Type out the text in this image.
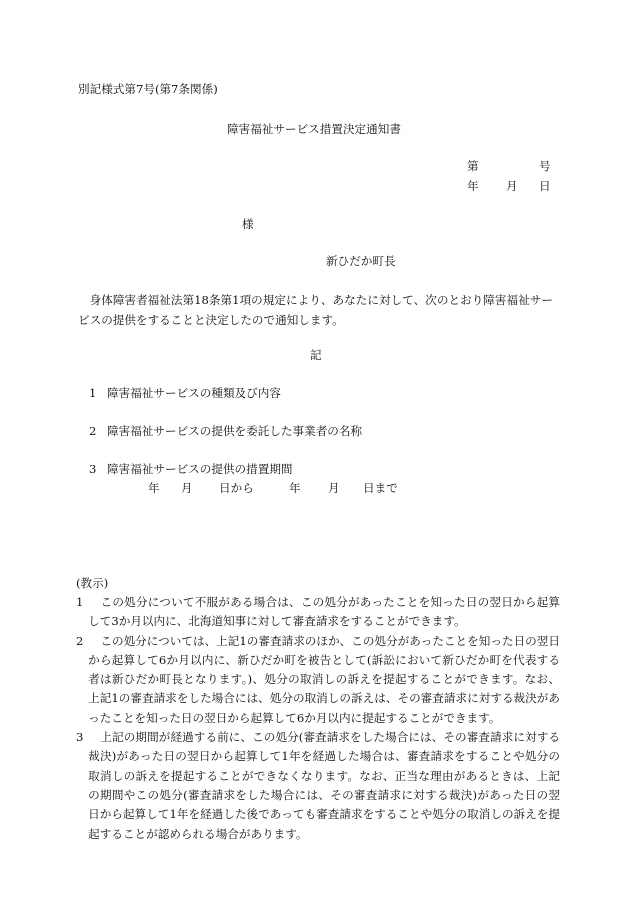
別記様式第7号(第7条関係)
障害福祉サービス措置決定通知書
第	号
年 月 日
様
新ひだか町長
身体障害者福祉法第18条第1項の規定により、あなたに対して、次のとおり障害福祉サービスの提供をすることと決定したので通知します。
記
1 障害福祉サービスの種類及び内容
2 障害福祉サービスの提供を委託した事業者の名称
3 障害福祉サービスの提供の措置期間
年 月 日から	年 月 日まで
(教示)
1 この処分について不服がある場合は、この処分があったことを知った日の翌日から起算して3か月以内に、北海道知事に対して審査請求をすることができます。
2 この処分については、上記1の審査請求のほか、この処分があったことを知った日の翌日から起算して6か月以内に、新ひだか町を被告として(訴訟において新ひだか町を代表する者は新ひだか町長となります。)、処分の取消しの訴えを提起することができます。なお、上記1の審査請求をした場合には、処分の取消しの訴えは、その審査請求に対する裁決があったことを知った日の翌日から起算して6か月以内に提起することができます。
3 上記の期間が経過する前に、この処分(審査請求をした場合には、その審査請求に対する裁決)があった日の翌日から起算して1年を経過した場合は、審査請求をすることや処分の取消しの訴えを提起することができなくなります。なお、正当な理由があるときは、上記の期間やこの処分(審査請求をした場合には、その審査請求に対する裁決)があった日の翌日から起算して1年を経過した後であっても審査請求をすることや処分の取消しの訴えを提起することが認められる場合があります。
